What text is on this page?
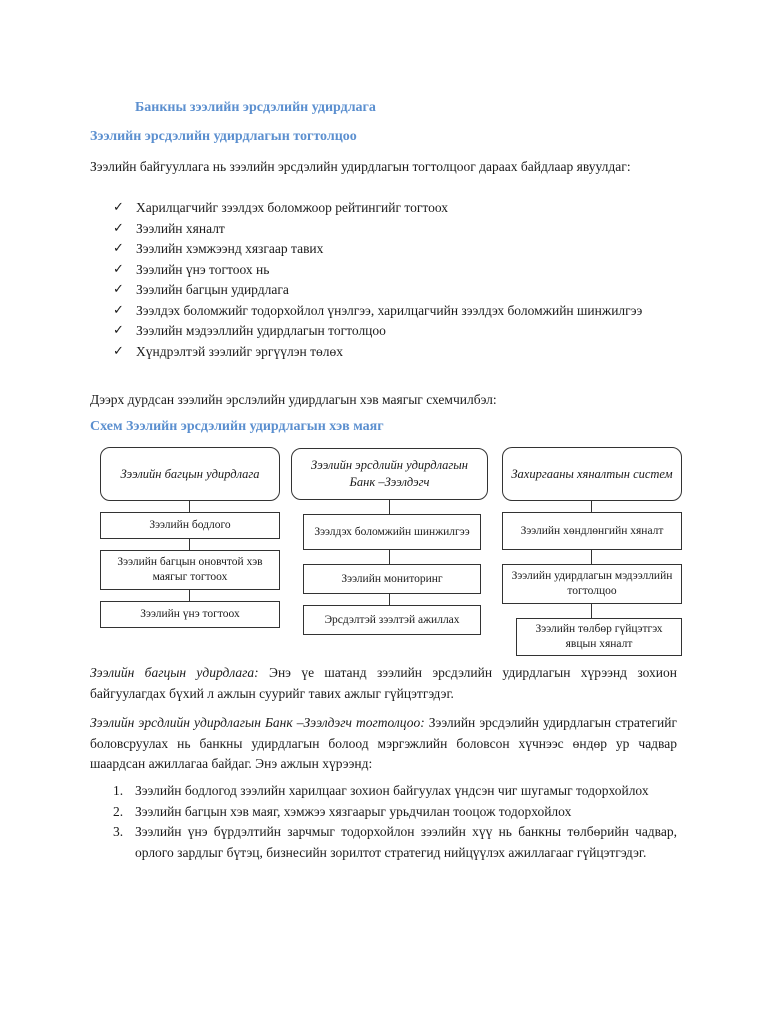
Банкны зээлийн эрсдэлийн удирдлага
Зээлийн эрсдэлийн удирдлагын тогтолцоо
Зээлийн байгууллага нь зээлийн эрсдэлийн удирдлагын тогтолцоог дараах байдлаар явуулдаг:
✓ Харилцагчийг зээлдэх боломжоор рейтингийг тогтоох
✓ Зээлийн хяналт
✓ Зээлийн хэмжээнд хязгаар тавих
✓ Зээлийн үнэ тогтоох нь
✓ Зээлийн багцын удирдлага
✓ Зээлдэх боломжийг тодорхойлол үнэлгээ, харилцагчийн зээлдэх боломжийн шинжилгээ
✓ Зээлийн мэдээллийн удирдлагын тогтолцоо
✓ Хүндрэлтэй зээлийг эргүүлэн төлөх
Дээрх дурдсан зээлийн эрслэлийн удирдлагын хэв маягыг схемчилбэл:
Схем Зээлийн эрсдэлийн удирдлагын хэв маяг
Зээлийн багцын удирдлага
Зээлийн бодлого
Зээлийн багцын оновчтой хэв маягыг тогтоох
Зээлийн үнэ тогтоох
Зээлийн эрсдлийн удирдлагын Банк –Зээлдэгч
Зээлдэх боломжийн шинжилгээ
Зээлийн мониторинг
Эрсдэлтэй зээлтэй ажиллах
Захиргааны хяналтын систем
Зээлийн хөндлөнгийн хяналт
Зээлийн удирдлагын мэдээллийн тогтолцоо
Зээлийн төлбөр гүйцэтгэх явцын хяналт
Зээлийн багцын удирдлага: Энэ үе шатанд зээлийн эрсдэлийн удирдлагын хүрээнд зохион байгуулагдах бүхий л ажлын суурийг тавих ажлыг гүйцэтгэдэг.
Зээлийн эрсдлийн удирдлагын Банк –Зээлдэгч тогтолцоо: Зээлийн эрсдэлийн удирдлагын стратегийг боловсруулах нь банкны удирдлагын болоод мэргэжлийн боловсон хүчнээс өндөр ур чадвар шаардсан ажиллагаа байдаг. Энэ ажлын хүрээнд:
1. Зээлийн бодлогод зээлийн харилцааг зохион байгуулах үндсэн чиг шугамыг тодорхойлох
2. Зээлийн багцын хэв маяг, хэмжээ хязгаарыг урьдчилан тооцож тодорхойлох
3. Зээлийн үнэ бүрдэлтийн зарчмыг тодорхойлон зээлийн хүү нь банкны төлбөрийн чадвар, орлого зардлыг бүтэц, бизнесийн зорилтот стратегид нийцүүлэх ажиллагааг гүйцэтгэдэг.
